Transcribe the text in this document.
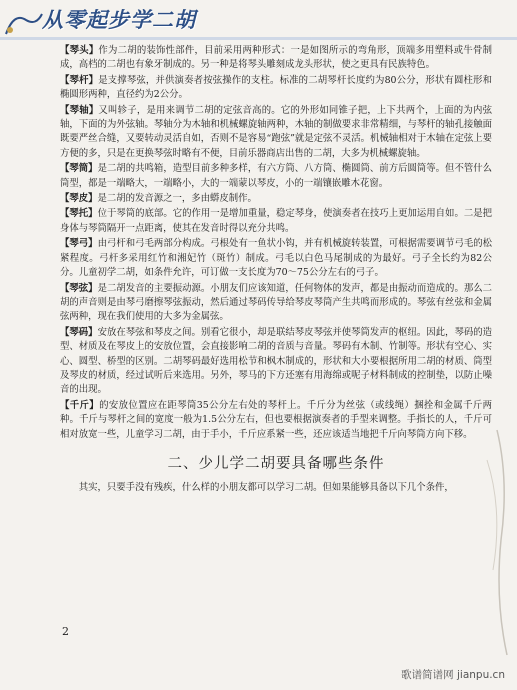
从零起步学二胡

【琴头】作为二胡的装饰性部件，目前采用两种形式：一是如图所示的弯角形，顶端多用塑料或牛骨制成，高档的二胡也有象牙制成的。另一种是将琴头雕刻成龙头形状，使之更具有民族特色。

【琴杆】是支撑琴弦，并供演奏者按弦操作的支柱。标准的二胡琴杆长度约为80公分，形状有圆柱形和椭圆形两种，直径约为2公分。

【琴轴】又叫轸子，是用来调节二胡的定弦音高的。它的外形如同锥子把，上下共两个，上面的为内弦轴，下面的为外弦轴。琴轴分为木轴和机械螺旋轴两种，木轴的制做要求非常精细，与琴杆的轴孔接触面既要严丝合缝，又要转动灵活自如，否则不是容易“跑弦”就是定弦不灵活。机械轴相对于木轴在定弦上要方便的多，只是在更换琴弦时略有不便，目前乐器商店出售的二胡，大多为机械螺旋轴。

【琴筒】是二胡的共鸣箱，造型目前多种多样，有六方筒、八方筒、椭圆筒、前方后圆筒等。但不管什么筒型，都是一端略大，一端略小，大的一端蒙以琴皮，小的一端镶嵌雕木花窗。

【琴皮】是二胡的发音源之一，多由蟒皮制作。

【琴托】位于琴筒的底部。它的作用一是增加重量，稳定琴身，使演奏者在技巧上更加运用自如。二是把身体与琴筒隔开一点距离，使其在发音时得以充分共鸣。

【琴弓】由弓杆和弓毛两部分构成。弓根处有一鱼状小钩，并有机械旋转装置，可根据需要调节弓毛的松紧程度。弓杆多采用红竹和湘妃竹（斑竹）制成。弓毛以白色马尾制成的为最好。弓子全长约为82公分。儿童初学二胡，如条件允许，可订做一支长度为70～75公分左右的弓子。

【琴弦】是二胡发音的主要振动源。小朋友们应该知道，任何物体的发声，都是由振动而造成的。那么二胡的声音则是由琴弓磨擦琴弦振动，然后通过琴码传导给琴皮琴筒产生共鸣而形成的。琴弦有丝弦和金属弦两种，现在我们使用的大多为金属弦。

【琴码】安放在琴弦和琴皮之间。别看它很小，却是联结琴皮琴弦并使琴筒发声的枢纽。因此，琴码的造型、材质及在琴皮上的安放位置，会直接影响二胡的音质与音量。琴码有木制、竹制等。形状有空心、实心、圆型、桥型的区别。二胡琴码最好选用松节和枫木制成的，形状和大小要根据所用二胡的材质、筒型及琴皮的材质，经过试听后来选用。另外，琴马的下方还塞有用海绵或呢子材料制成的控制垫，以防止噪音的出现。

【千斤】的安放位置应在距琴筒35公分左右处的琴杆上。千斤分为丝弦（或线绳）捆拴和金属千斤两种。千斤与琴杆之间的宽度一般为1.5公分左右，但也要根据演奏者的手型来调整。手指长的人，千斤可相对放宽一些，儿童学习二胡，由于手小，千斤应系紧一些，还应该适当地把千斤向琴筒方向下移。

二、少儿学二胡要具备哪些条件

其实，只要手没有残疾，什么样的小朋友都可以学习二胡。但如果能够具备以下几个条件，

2
歌谱简谱网 jianpu.cn
